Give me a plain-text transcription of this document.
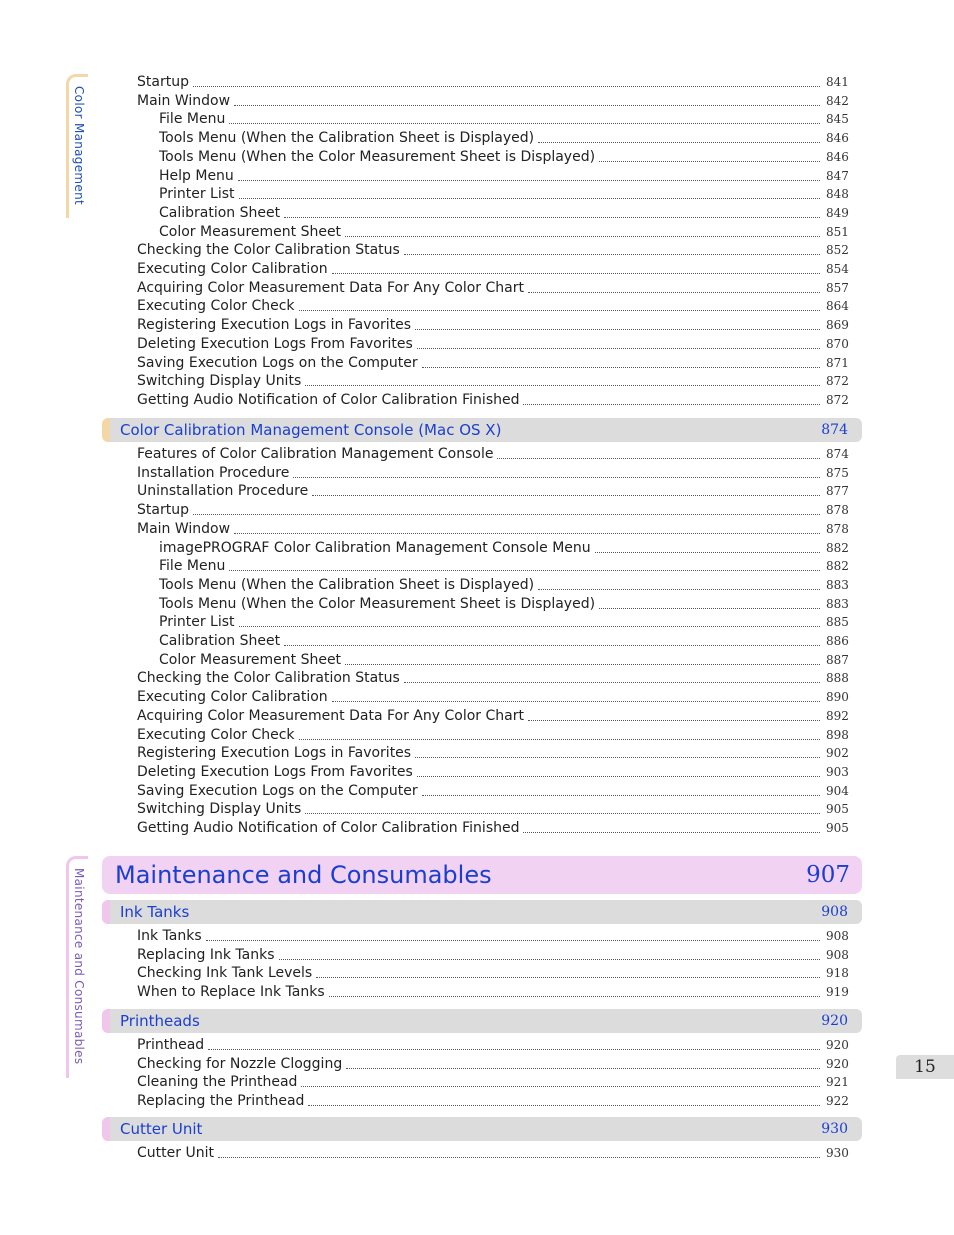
Color Management
Maintenance and Consumables
Startup	841
Main Window	842
File Menu	845
Tools Menu (When the Calibration Sheet is Displayed)	846
Tools Menu (When the Color Measurement Sheet is Displayed)	846
Help Menu	847
Printer List	848
Calibration Sheet	849
Color Measurement Sheet	851
Checking the Color Calibration Status	852
Executing Color Calibration	854
Acquiring Color Measurement Data For Any Color Chart	857
Executing Color Check	864
Registering Execution Logs in Favorites	869
Deleting Execution Logs From Favorites	870
Saving Execution Logs on the Computer	871
Switching Display Units	872
Getting Audio Notification of Color Calibration Finished	872
Color Calibration Management Console (Mac OS X)	874
Features of Color Calibration Management Console	874
Installation Procedure	875
Uninstallation Procedure	877
Startup	878
Main Window	878
imagePROGRAF Color Calibration Management Console Menu	882
File Menu	882
Tools Menu (When the Calibration Sheet is Displayed)	883
Tools Menu (When the Color Measurement Sheet is Displayed)	883
Printer List	885
Calibration Sheet	886
Color Measurement Sheet	887
Checking the Color Calibration Status	888
Executing Color Calibration	890
Acquiring Color Measurement Data For Any Color Chart	892
Executing Color Check	898
Registering Execution Logs in Favorites	902
Deleting Execution Logs From Favorites	903
Saving Execution Logs on the Computer	904
Switching Display Units	905
Getting Audio Notification of Color Calibration Finished	905
Maintenance and Consumables	907
Ink Tanks	908
Ink Tanks	908
Replacing Ink Tanks	908
Checking Ink Tank Levels	918
When to Replace Ink Tanks	919
Printheads	920
Printhead	920
Checking for Nozzle Clogging	920
Cleaning the Printhead	921
Replacing the Printhead	922
Cutter Unit	930
Cutter Unit	930
15
